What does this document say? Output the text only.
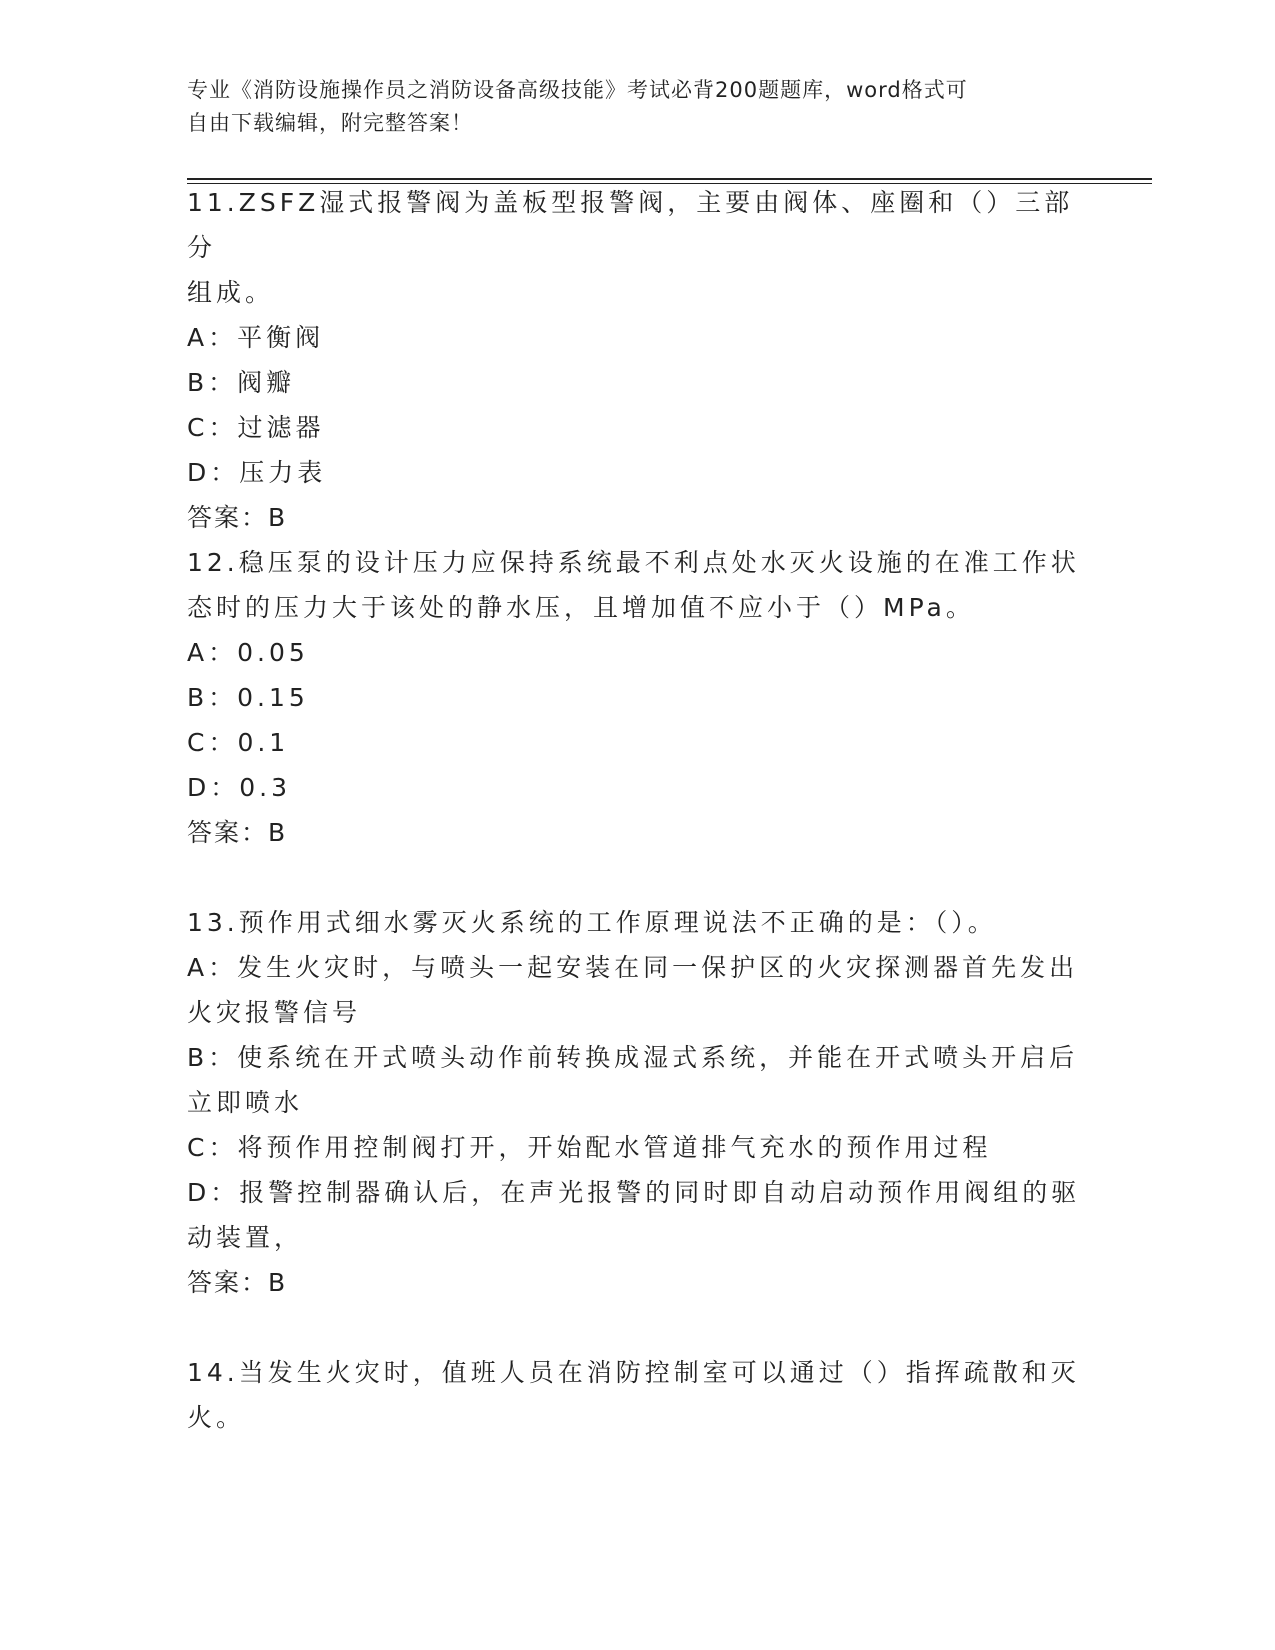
专业《消防设施操作员之消防设备高级技能》考试必背200题题库，word格式可
自由下载编辑，附完整答案！
11.ZSFZ湿式报警阀为盖板型报警阀，主要由阀体、座圈和（）三部分
组成。
A：平衡阀
B：阀瓣
C：过滤器
D：压力表
答案：B
12.稳压泵的设计压力应保持系统最不利点处水灭火设施的在准工作状
态时的压力大于该处的静水压，且增加值不应小于（）MPa。
A：0.05
B：0.15
C：0.1
D：0.3
答案：B
13.预作用式细水雾灭火系统的工作原理说法不正确的是：（）。
A：发生火灾时，与喷头一起安装在同一保护区的火灾探测器首先发出
火灾报警信号
B：使系统在开式喷头动作前转换成湿式系统，并能在开式喷头开启后
立即喷水
C：将预作用控制阀打开，开始配水管道排气充水的预作用过程
D：报警控制器确认后，在声光报警的同时即自动启动预作用阀组的驱
动装置，
答案：B
14.当发生火灾时，值班人员在消防控制室可以通过（）指挥疏散和灭
火。
